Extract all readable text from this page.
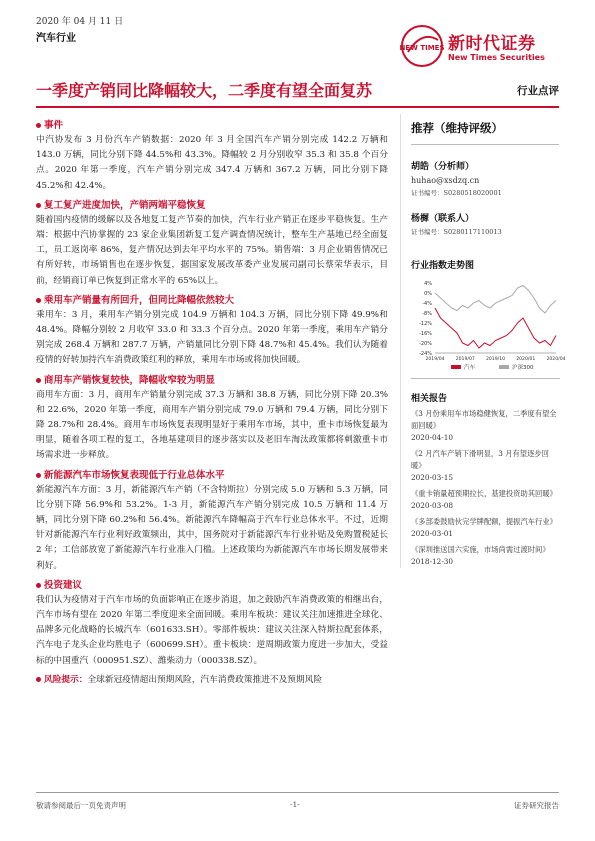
2020 年 04 月 11 日
汽车行业
NEW TIMES 新时代证券
New Times Securities
一季度产销同比降幅较大，二季度有望全面复苏	行业点评
事件
中汽协发布 3 月份汽车产销数据：2020 年 3 月全国汽车产销分别完成 142.2 万辆和 143.0 万辆，同比分别下降 44.5%和 43.3%。降幅较 2 月分别收窄 35.3 和 35.8 个百分点。2020 年第一季度，汽车产销分别完成 347.4 万辆和 367.2 万辆，同比分别下降 45.2%和 42.4%。
复工复产进度加快，产销两端平稳恢复
随着国内疫情的缓解以及各地复工复产节奏的加快，汽车行业产销正在逐步平稳恢复。生产端：根据中汽协掌握的 23 家企业集团新复工复产调查情况统计，整车生产基地已经全面复工，员工返岗率 86%，复产情况达到去年平均水平的 75%。销售端：3 月企业销售情况已有所好转，市场销售也在逐步恢复，据国家发展改革委产业发展司副司长蔡荣华表示，目前，经销商订单已恢复到正常水平的 65%以上。
乘用车产销量有所回升，但同比降幅依然较大
乘用车：3 月，乘用车产销分别完成 104.9 万辆和 104.3 万辆，同比分别下降 49.9%和 48.4%。降幅分别较 2 月收窄 33.0 和 33.3 个百分点。2020 年第一季度，乘用车产销分别完成 268.4 万辆和 287.7 万辆，产销量同比分别下降 48.7%和 45.4%。我们认为随着疫情的好转加持汽车消费政策红利的释放，乘用车市场或将加快回暖。
商用车产销恢复较快，降幅收窄较为明显
商用车方面：3 月，商用车产销量分别完成 37.3 万辆和 38.8 万辆，同比分别下降 20.3%和 22.6%，2020 年第一季度，商用车产销分别完成 79.0 万辆和 79.4 万辆，同比分别下降 28.7%和 28.4%。商用车市场恢复表现明显好于乘用车市场，其中，重卡市场恢复最为明显，随着各项工程的复工，各地基建项目的逐步落实以及老旧车淘汰政策都将刺激重卡市场需求进一步释放。
新能源汽车市场恢复表现低于行业总体水平
新能源汽车方面：3 月，新能源汽车产销（不含特斯拉）分别完成 5.0 万辆和 5.3 万辆，同比分别下降 56.9%和 53.2%。1-3 月，新能源汽车产销分别完成 10.5 万辆和 11.4 万辆，同比分别下降 60.2%和 56.4%。新能源汽车降幅高于汽车行业总体水平。不过，近期针对新能源汽车行业利好政策频出，其中，国务院对于新能源汽车行业补贴及免购置税延长 2 年；工信部放宽了新能源汽车行业准入门槛。上述政策均为新能源汽车市场长期发展带来利好。
投资建议
我们认为疫情对于汽车市场的负面影响正在逐步消退，加之鼓励汽车消费政策的相继出台，汽车市场有望在 2020 年第二季度迎来全面回暖。乘用车板块：建议关注加速推进全球化、品牌多元化战略的长城汽车（601633.SH）。零部件板块：建议关注深入特斯拉配套体系，汽车电子龙头企业均胜电子（600699.SH）。重卡板块：逆周期政策力度进一步加大，受益标的中国重汽（000951.SZ）、潍柴动力（000338.SZ）。
风险提示：全球新冠疫情超出预期风险，汽车消费政策推进不及预期风险
推荐（维持评级）
胡皓（分析师）
huhao@xsdzq.cn
证书编号：S0280518020001
杨樨（联系人）
证书编号：S0280117110013
行业指数走势图
4%
0%
-4%
-8%
-12%
-16%
-20%
-24%
2019/04 2019/07 2019/10 2020/01 2020/04
汽车	沪深300
相关报告
《3 月份乘用车市场稳健恢复，二季度有望全面回暖》
2020-04-10
《2 月汽车产销下滑明显，3 月有望逐步回暖》
2020-03-15
《重卡销量超预期拉长，基建投资助其回暖》
2020-03-08
《多部委鼓励伙完学牌配额，提振汽车行业》
2020-03-01
《深圳推送国六实施，市场尚需过渡时间》
2018-12-30
敬请参阅最后一页免责声明	-1-	证券研究报告
